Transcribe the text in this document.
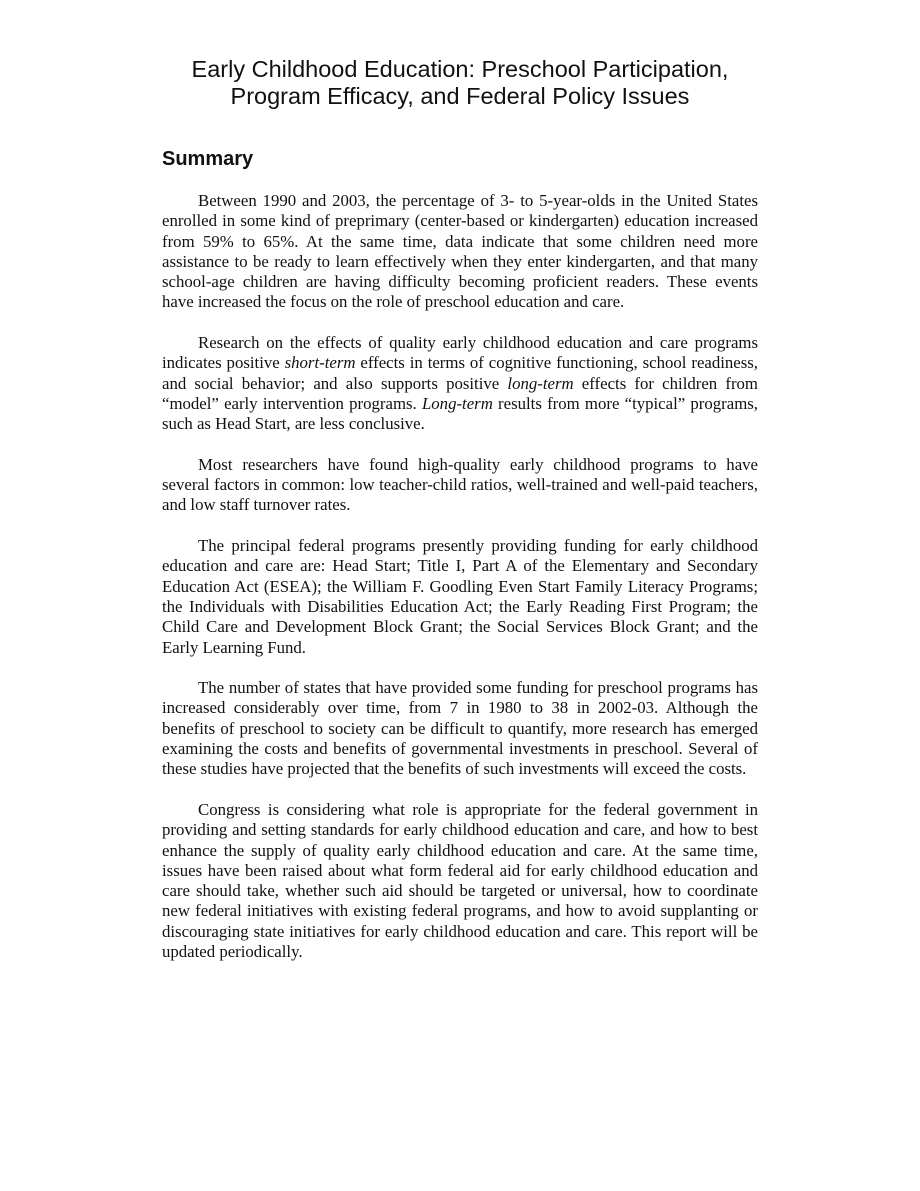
Early Childhood Education: Preschool Participation,
Program Efficacy, and Federal Policy Issues
Summary

Between 1990 and 2003, the percentage of 3- to 5-year-olds in the United States enrolled in some kind of preprimary (center-based or kindergarten) education increased from 59% to 65%. At the same time, data indicate that some children need more assistance to be ready to learn effectively when they enter kindergarten, and that many school-age children are having difficulty becoming proficient readers. These events have increased the focus on the role of preschool education and care.

Research on the effects of quality early childhood education and care programs indicates positive short-term effects in terms of cognitive functioning, school readiness, and social behavior; and also supports positive long-term effects for children from “model” early intervention programs. Long-term results from more “typical” programs, such as Head Start, are less conclusive.

Most researchers have found high-quality early childhood programs to have several factors in common: low teacher-child ratios, well-trained and well-paid teachers, and low staff turnover rates.

The principal federal programs presently providing funding for early childhood education and care are: Head Start; Title I, Part A of the Elementary and Secondary Education Act (ESEA); the William F. Goodling Even Start Family Literacy Programs; the Individuals with Disabilities Education Act; the Early Reading First Program; the Child Care and Development Block Grant; the Social Services Block Grant; and the Early Learning Fund.

The number of states that have provided some funding for preschool programs has increased considerably over time, from 7 in 1980 to 38 in 2002-03. Although the benefits of preschool to society can be difficult to quantify, more research has emerged examining the costs and benefits of governmental investments in preschool. Several of these studies have projected that the benefits of such investments will exceed the costs.

Congress is considering what role is appropriate for the federal government in providing and setting standards for early childhood education and care, and how to best enhance the supply of quality early childhood education and care. At the same time, issues have been raised about what form federal aid for early childhood education and care should take, whether such aid should be targeted or universal, how to coordinate new federal initiatives with existing federal programs, and how to avoid supplanting or discouraging state initiatives for early childhood education and care. This report will be updated periodically.
